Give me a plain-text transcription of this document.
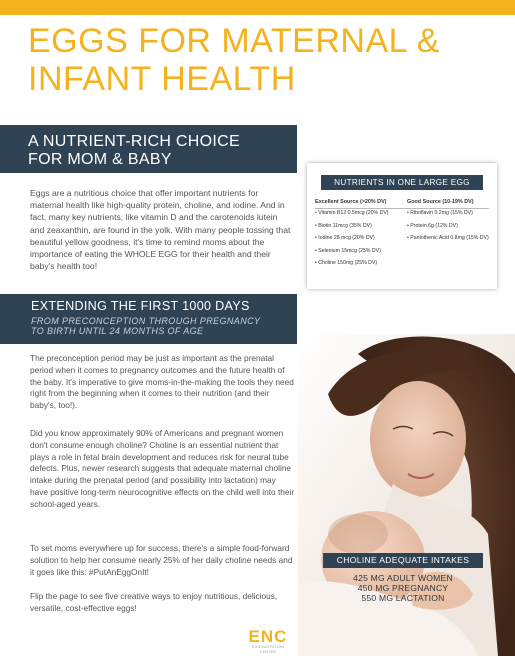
EGGS FOR MATERNAL &
INFANT HEALTH
A NUTRIENT-RICH CHOICE
FOR MOM & BABY
Eggs are a nutritious choice that offer important nutrients for maternal health like high-quality protein, choline, and iodine. And in fact, many key nutrients, like vitamin D and the carotenoids lutein and zeaxanthin, are found in the yolk. With many people tossing that beautiful yellow goodness, it's time to remind moms about the importance of eating the WHOLE EGG for their health and their baby's health too!
NUTRIENTS IN ONE LARGE EGG
Excellent Source (>20% DV)
• Vitamin B12 0.5mcg (20% DV)
• Biotin 11mcg (35% DV)
• Iodine 28 mcg (20% DV)
• Selenium 15mcg (25% DV)
• Choline 150mg (25% DV)
Good Source (10-19% DV)
• Riboflavin 0.2mg (15% DV)
• Protein 6g (12% DV)
• Pantothenic Acid 0.8mg (15% DV)
EXTENDING THE FIRST 1000 DAYS
FROM PRECONCEPTION THROUGH PREGNANCY
TO BIRTH UNTIL 24 MONTHS OF AGE
The preconception period may be just as important as the prenatal period when it comes to pregnancy outcomes and the future health of the baby. It's imperative to give moms-in-the-making the tools they need right from the beginning when it comes to their nutrition (and their baby's, too!).
Did you know approximately 90% of Americans and pregnant women don't consume enough choline? Choline is an essential nutrient that plays a role in fetal brain development and reduces risk for neural tube defects. Plus, newer research suggests that adequate maternal choline intake during the prenatal period (and possibility into lactation) may have positive long-term neurocognitive effects on the child well into their school-aged years.
To set moms everywhere up for success, there's a simple food-forward solution to help her consume nearly 25% of her daily choline needs and it goes like this: #PutAnEggOnIt!
Flip the page to see five creative ways to enjoy nutritious, delicious, versatile, cost-effective eggs!
CHOLINE ADEQUATE INTAKES
425 MG ADULT WOMEN
450 MG PREGNANCY
550 MG LACTATION
ENC
EGG NUTRITION CENTER
